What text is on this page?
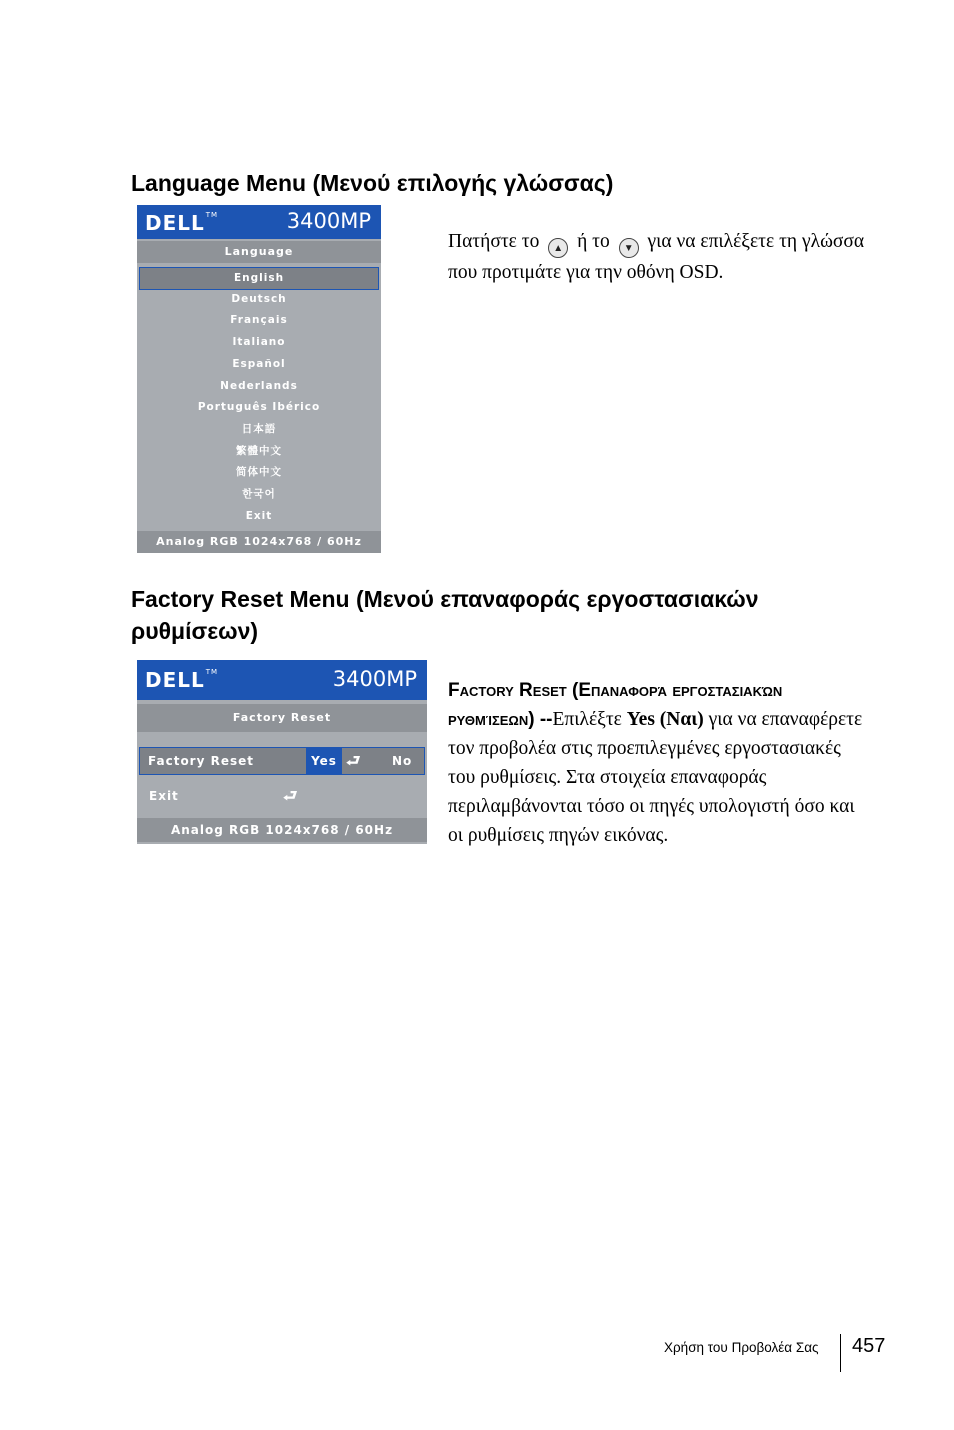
Language Menu (Μενού επιλογής γλώσσας)
DELL™	3400MP
Language
English
Deutsch
Français
Italiano
Español
Nederlands
Português Ibérico
日本語
繁體中文
简体中文
한국어
Exit
Analog RGB 1024x768 / 60Hz
Πατήστε το ▲ ή το ▼ για να επιλέξετε τη γλώσσα που προτιμάτε για την οθόνη OSD.
Factory Reset Menu (Μενού επαναφοράς εργοστασιακών ρυθμίσεων)
DELL™	3400MP
Factory Reset
Factory Reset	Yes ⮐	No
Exit	⮐
Analog RGB 1024x768 / 60Hz
Factory Reset (Επαναφορά εργοστασιακών ρυθμίσεων) --Επιλέξτε Yes (Ναι) για να επαναφέρετε τον προβολέα στις προεπιλεγμένες εργοστασιακές του ρυθμίσεις. Στα στοιχεία επαναφοράς περιλαμβάνονται τόσο οι πηγές υπολογιστή όσο και οι ρυθμίσεις πηγών εικόνας.
Χρήση του Προβολέα Σας 457
